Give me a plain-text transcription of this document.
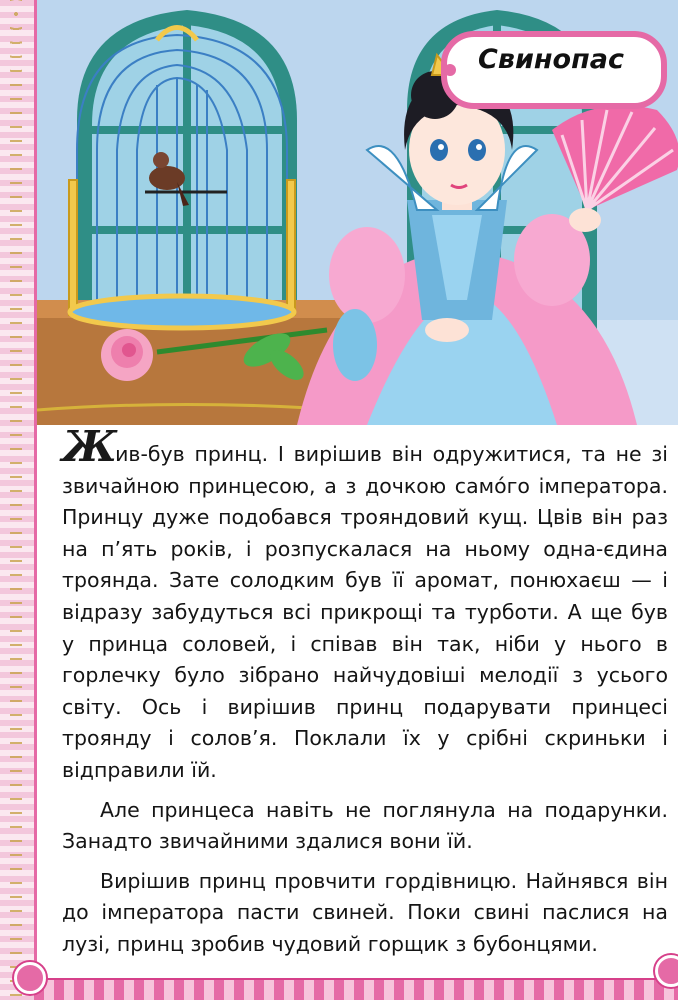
Свинопас

Жив-був принц. І вирішив він одружитися, та не зі звичайною принцесою, а з дочкою самóго імператора. Принцу дуже подобався трояндовий кущ. Цвів він раз на п’ять років, і розпускалася на ньому одна-єдина троянда. Зате солодким був її аромат, понюхаєш — і відразу забудуться всі прикрощі та турботи. А ще був у принца соловей, і співав він так, ніби у нього в горлечку було зібрано найчудовіші мелодії з усього світу. Ось і вирішив принц подарувати принцесі троянду і солов’я. Поклали їх у срібні скриньки і відправили їй.

Але принцеса навіть не поглянула на подарунки. Занадто звичайними здалися вони їй.

Вирішив принц провчити гордівницю. Найнявся він до імператора пасти свиней. Поки свині паслися на лузі, принц зробив чудовий горщик з бубонцями.
